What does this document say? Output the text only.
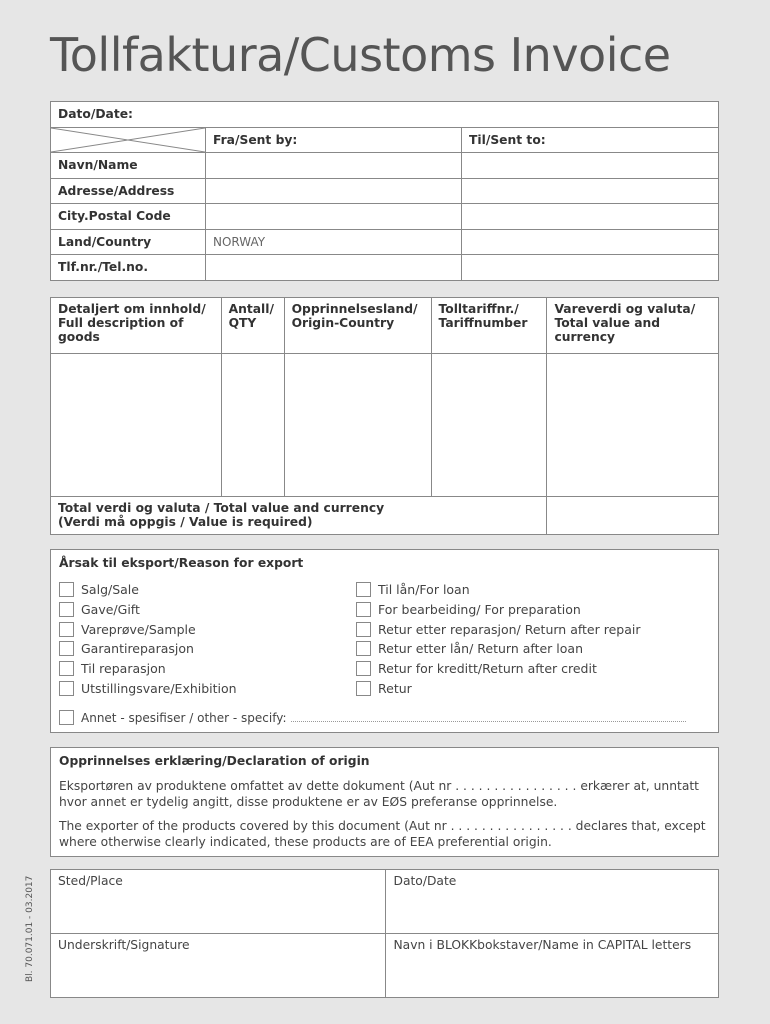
Tollfaktura/Customs Invoice
Dato/Date:		

	Fra/Sent by:	Til/Sent to:
Navn/Name		
Adresse/Address		
City.Postal Code		
Land/Country	NORWAY	
Tlf.nr./Tel.no.		
Detaljert om innhold/ Full description of goods	Antall/ QTY	Opprinnelsesland/ Origin-Country	Tolltariffnr./ Tariffnumber	Vareverdi og valuta/ Total value and currency

Total verdi og valuta / Total value and currency
(Verdi må oppgis / Value is required)				
Årsak til eksport/Reason for export
Salg/Sale
Gave/Gift
Vareprøve/Sample
Garantireparasjon
Til reparasjon
Utstillingsvare/Exhibition
Til lån/For loan
For bearbeiding/ For preparation
Retur etter reparasjon/ Return after repair
Retur etter lån/ Return after loan
Retur for kreditt/Return after credit
Retur
Annet - spesifiser / other - specify:
Opprinnelses erklæring/Declaration of origin

Eksportøren av produktene omfattet av dette dokument (Aut nr . . . . . . . . . . . . . . . . erkærer at, unntatt hvor annet er tydelig angitt, disse produktene er av EØS preferanse opprinnelse.

The exporter of the products covered by this document (Aut nr . . . . . . . . . . . . . . . . declares that, except where otherwise clearly indicated, these products are of EEA preferential origin.

Sted/Place	Dato/Date
Underskrift/Signature	Navn i BLOKKbokstaver/Name in CAPITAL letters
Bl. 70.071.01 - 03.2017
